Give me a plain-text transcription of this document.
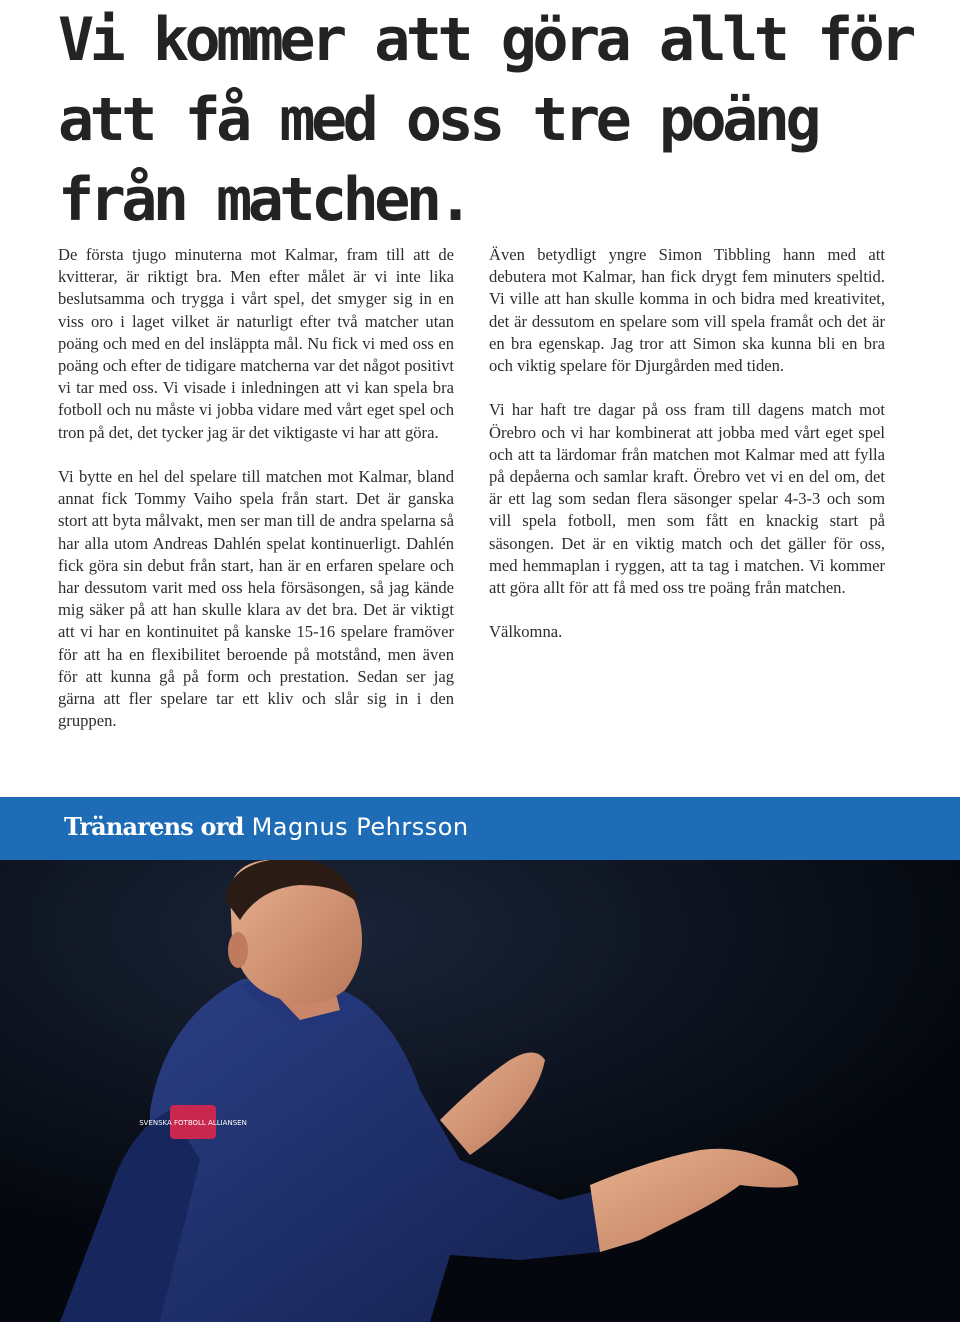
Vi kommer att göra allt för att få med oss tre poäng från matchen.

De första tjugo minuterna mot Kalmar, fram till att de kvitterar, är riktigt bra. Men efter målet är vi inte lika beslutsamma och trygga i vårt spel, det smyger sig in en viss oro i laget vilket är naturligt efter två matcher utan poäng och med en del insläppta mål. Nu fick vi med oss en poäng och efter de tidigare matcherna var det något positivt vi tar med oss. Vi visade i inledningen att vi kan spela bra fotboll och nu måste vi jobba vidare med vårt eget spel och tron på det, det tycker jag är det viktigaste vi har att göra.

Vi bytte en hel del spelare till matchen mot Kalmar, bland annat fick Tommy Vaiho spela från start. Det är ganska stort att byta målvakt, men ser man till de andra spelarna så har alla utom Andreas Dahlén spelat kontinuerligt. Dahlén fick göra sin debut från start, han är en erfaren spelare och har dessutom varit med oss hela försäsongen, så jag kände mig säker på att han skulle klara av det bra. Det är viktigt att vi har en kontinuitet på kanske 15-16 spelare framöver för att ha en flexibilitet beroende på motstånd, men även för att kunna gå på form och prestation. Sedan ser jag gärna att fler spelare tar ett kliv och slår sig in i den gruppen.

Även betydligt yngre Simon Tibbling hann med att debutera mot Kalmar, han fick drygt fem minuters speltid. Vi ville att han skulle komma in och bidra med kreativitet, det är dessutom en spelare som vill spela framåt och det är en bra egenskap. Jag tror att Simon ska kunna bli en bra och viktig spelare för Djurgården med tiden.

Vi har haft tre dagar på oss fram till dagens match mot Örebro och vi har kombinerat att jobba med vårt eget spel och att ta lärdomar från matchen mot Kalmar med att fylla på depåerna och samlar kraft. Örebro vet vi en del om, det är ett lag som sedan flera säsonger spelar 4-3-3 och som vill spela fotboll, men som fått en knackig start på säsongen. Det är en viktig match och det gäller för oss, med hemmaplan i ryggen, att ta tag i matchen. Vi kommer att göra allt för att få med oss tre poäng från matchen.

Välkomna.

Tränarens ord Magnus Pehrsson
SVENSKA FOTBOLL ALLIANSEN
